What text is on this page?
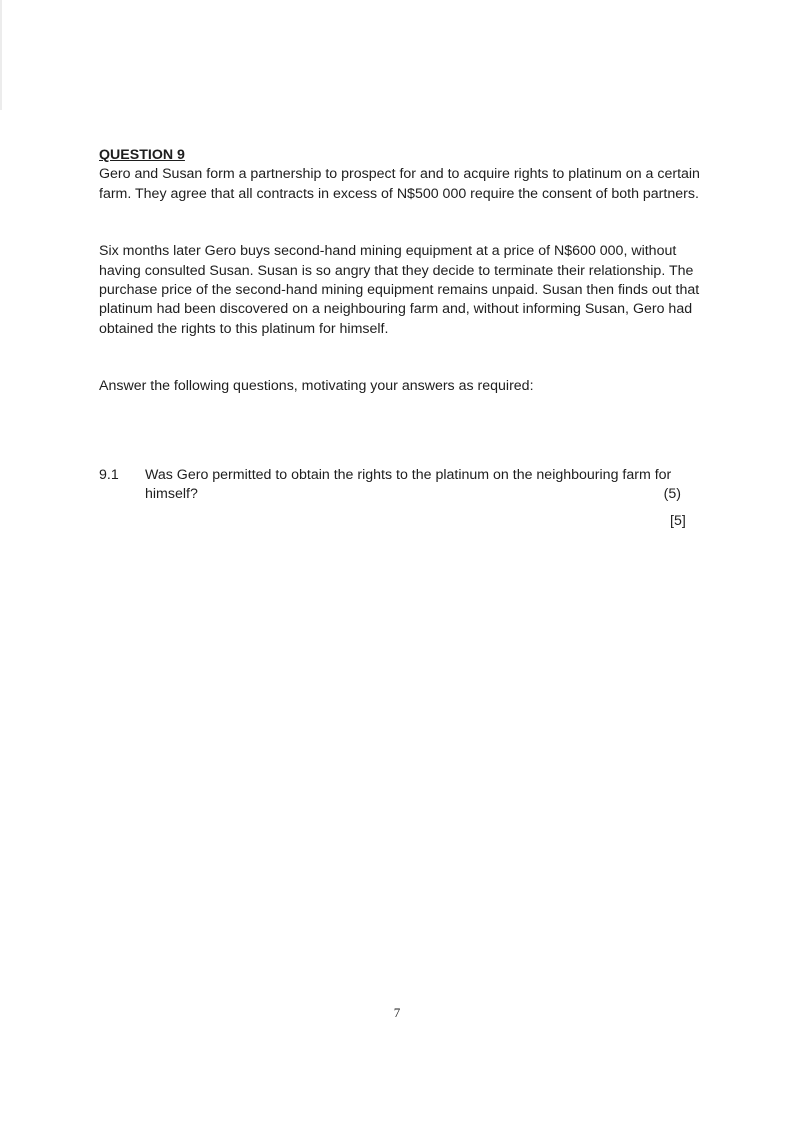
QUESTION 9

Gero and Susan form a partnership to prospect for and to acquire rights to platinum on a certain farm. They agree that all contracts in excess of N$500 000 require the consent of both partners.

Six months later Gero buys second-hand mining equipment at a price of N$600 000, without having consulted Susan. Susan is so angry that they decide to terminate their relationship. The purchase price of the second-hand mining equipment remains unpaid. Susan then finds out that platinum had been discovered on a neighbouring farm and, without informing Susan, Gero had obtained the rights to this platinum for himself.

Answer the following questions, motivating your answers as required:

9.1 Was Gero permitted to obtain the rights to the platinum on the neighbouring farm for himself?	(5)
[5]
7
